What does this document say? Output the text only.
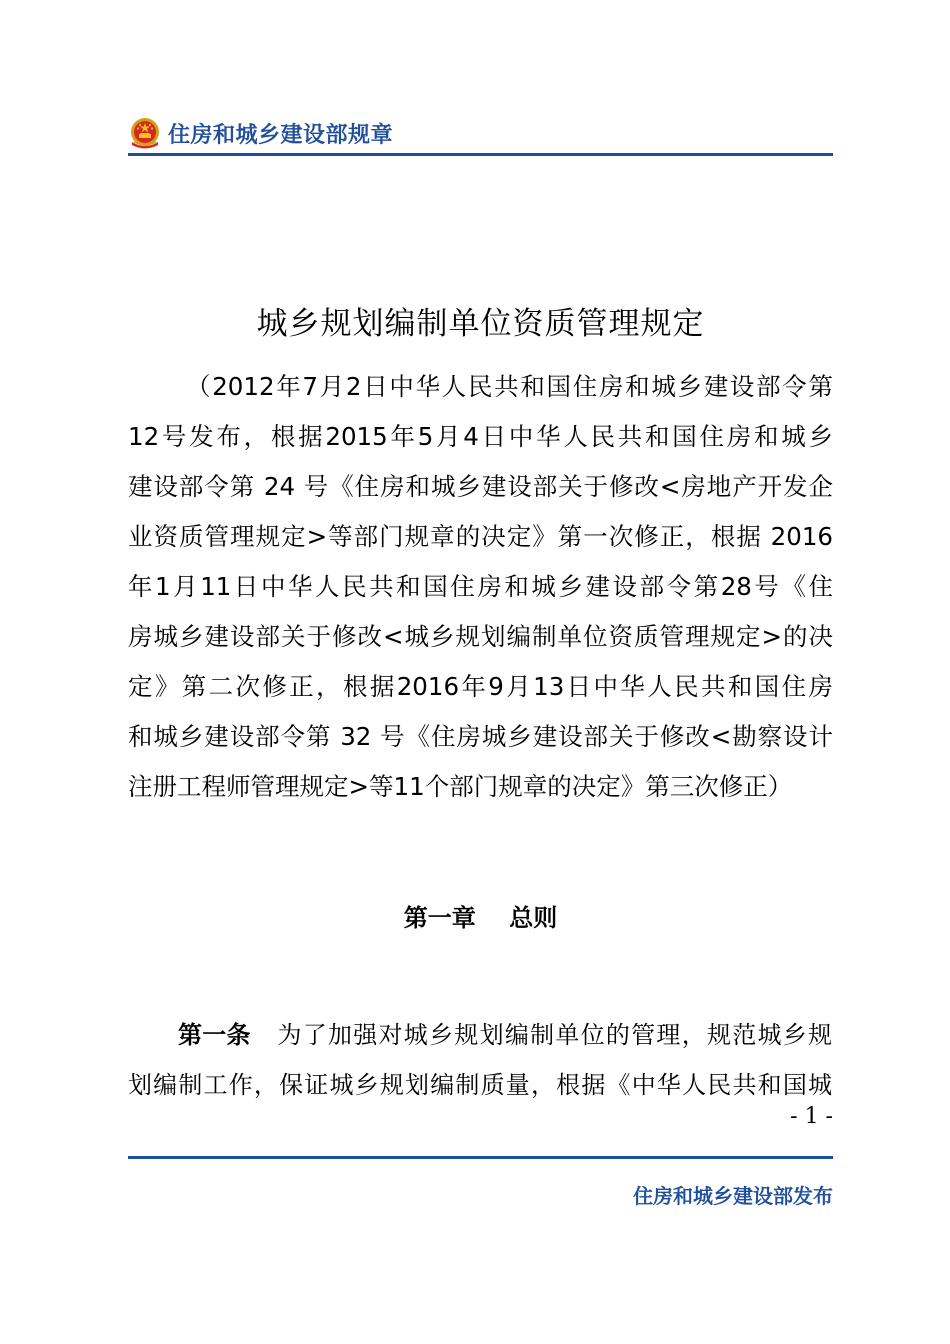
住房和城乡建设部规章
城乡规划编制单位资质管理规定
（2012年7月2日中华人民共和国住房和城乡建设部令第
12号发布，根据2015年5月4日中华人民共和国住房和城乡
建设部令第 24 号《住房和城乡建设部关于修改<房地产开发企
业资质管理规定>等部门规章的决定》第一次修正，根据 2016
年1月11日中华人民共和国住房和城乡建设部令第28号《住
房城乡建设部关于修改<城乡规划编制单位资质管理规定>的决
定》第二次修正，根据2016年9月13日中华人民共和国住房
和城乡建设部令第 32 号《住房城乡建设部关于修改<勘察设计
注册工程师管理规定>等11个部门规章的决定》第三次修正）
第一章    总则
第一条 为了加强对城乡规划编制单位的管理，规范城乡规
划编制工作，保证城乡规划编制质量，根据《中华人民共和国城
- 1 -
住房和城乡建设部发布
